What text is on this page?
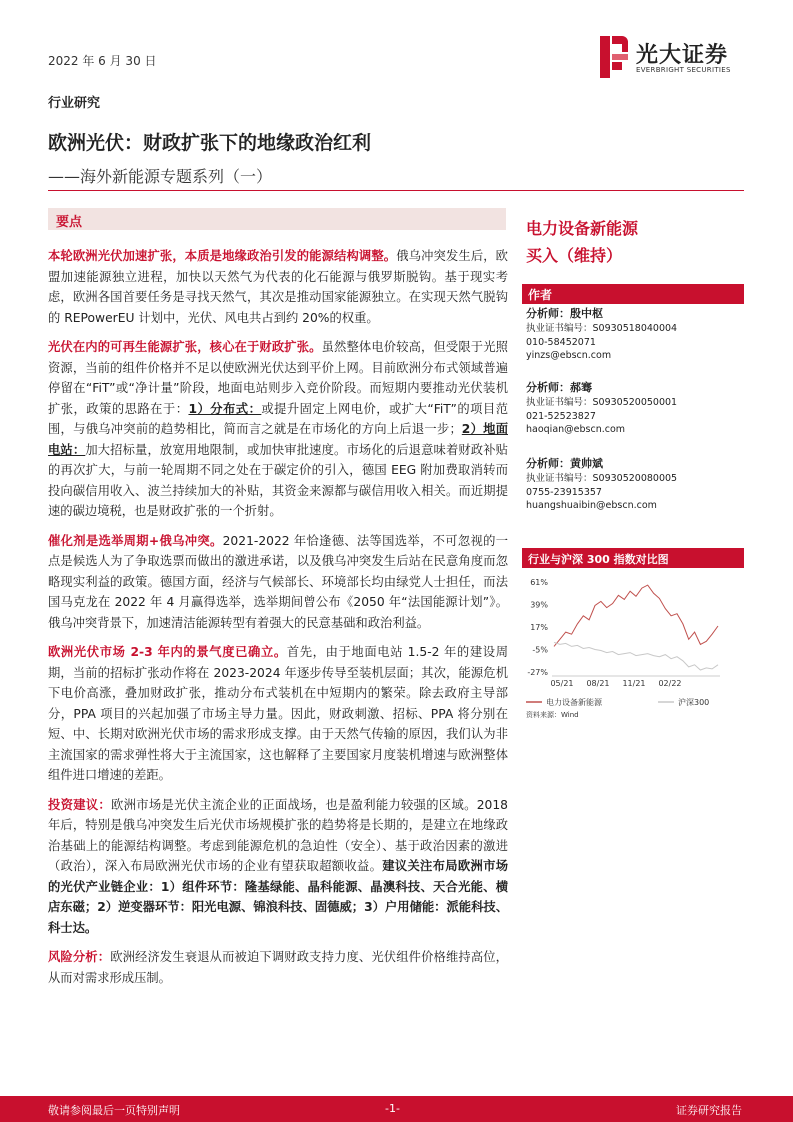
2022 年 6 月 30 日	光大证券
EVERBRIGHT SECURITIES
行业研究
欧洲光伏：财政扩张下的地缘政治红利
——海外新能源专题系列（一）
要点

本轮欧洲光伏加速扩张，本质是地缘政治引发的能源结构调整。俄乌冲突发生后，欧盟加速能源独立进程，加快以天然气为代表的化石能源与俄罗斯脱钩。基于现实考虑，欧洲各国首要任务是寻找天然气，其次是推动国家能源独立。在实现天然气脱钩的 REPowerEU 计划中，光伏、风电共占到约 20%的权重。

光伏在内的可再生能源扩张，核心在于财政扩张。虽然整体电价较高，但受限于光照资源，当前的组件价格并不足以使欧洲光伏达到平价上网。目前欧洲分布式领域普遍停留在“FiT”或“净计量”阶段，地面电站则步入竞价阶段。而短期内要推动光伏装机扩张，政策的思路在于：1）分布式：或提升固定上网电价，或扩大“FiT”的项目范围，与俄乌冲突前的趋势相比，简而言之就是在市场化的方向上后退一步；2）地面电站：加大招标量，放宽用地限制，或加快审批速度。市场化的后退意味着财政补贴的再次扩大，与前一轮周期不同之处在于碳定价的引入，德国 EEG 附加费取消转而投向碳信用收入、波兰持续加大的补贴，其资金来源都与碳信用收入相关。而近期提速的碳边境税，也是财政扩张的一个折射。

催化剂是选举周期+俄乌冲突。2021-2022 年恰逢德、法等国选举，不可忽视的一点是候选人为了争取选票而做出的激进承诺，以及俄乌冲突发生后站在民意角度而忽略现实利益的政策。德国方面，经济与气候部长、环境部长均由绿党人士担任，而法国马克龙在 2022 年 4 月赢得选举，选举期间曾公布《2050 年“法国能源计划”》。俄乌冲突背景下，加速清洁能源转型有着强大的民意基础和政治利益。

欧洲光伏市场 2-3 年内的景气度已确立。首先，由于地面电站 1.5-2 年的建设周期，当前的招标扩张动作将在 2023-2024 年逐步传导至装机层面；其次，能源危机下电价高涨，叠加财政扩张，推动分布式装机在中短期内的繁荣。除去政府主导部分，PPA 项目的兴起加强了市场主导力量。因此，财政刺激、招标、PPA 将分别在短、中、长期对欧洲光伏市场的需求形成支撑。由于天然气传输的原因，我们认为非主流国家的需求弹性将大于主流国家，这也解释了主要国家月度装机增速与欧洲整体组件进口增速的差距。

投资建议：欧洲市场是光伏主流企业的正面战场，也是盈利能力较强的区域。2018 年后，特别是俄乌冲突发生后光伏市场规模扩张的趋势将是长期的，是建立在地缘政治基础上的能源结构调整。考虑到能源危机的急迫性（安全）、基于政治因素的激进（政治），深入布局欧洲光伏市场的企业有望获取超额收益。建议关注布局欧洲市场的光伏产业链企业：1）组件环节：隆基绿能、晶科能源、晶澳科技、天合光能、横店东磁；2）逆变器环节：阳光电源、锦浪科技、固德威；3）户用储能：派能科技、科士达。

风险分析：欧洲经济发生衰退从而被迫下调财政支持力度、光伏组件价格维持高位，从而对需求形成压制。

电力设备新能源
买入（维持）
作者
分析师：殷中枢
执业证书编号：S0930518040004
010-58452071
yinzs@ebscn.com
分析师：郝骞
执业证书编号：S0930520050001
021-52523827
haoqian@ebscn.com
分析师：黄帅斌
执业证书编号：S0930520080005
0755-23915357
huangshuaibin@ebscn.com
行业与沪深 300 指数对比图
61%
39%
17%
-5%
-27%
05/21 08/21 11/21 02/22
电力设备新能源	沪深300
资料来源：Wind
敬请参阅最后一页特别声明	-1-	证券研究报告
